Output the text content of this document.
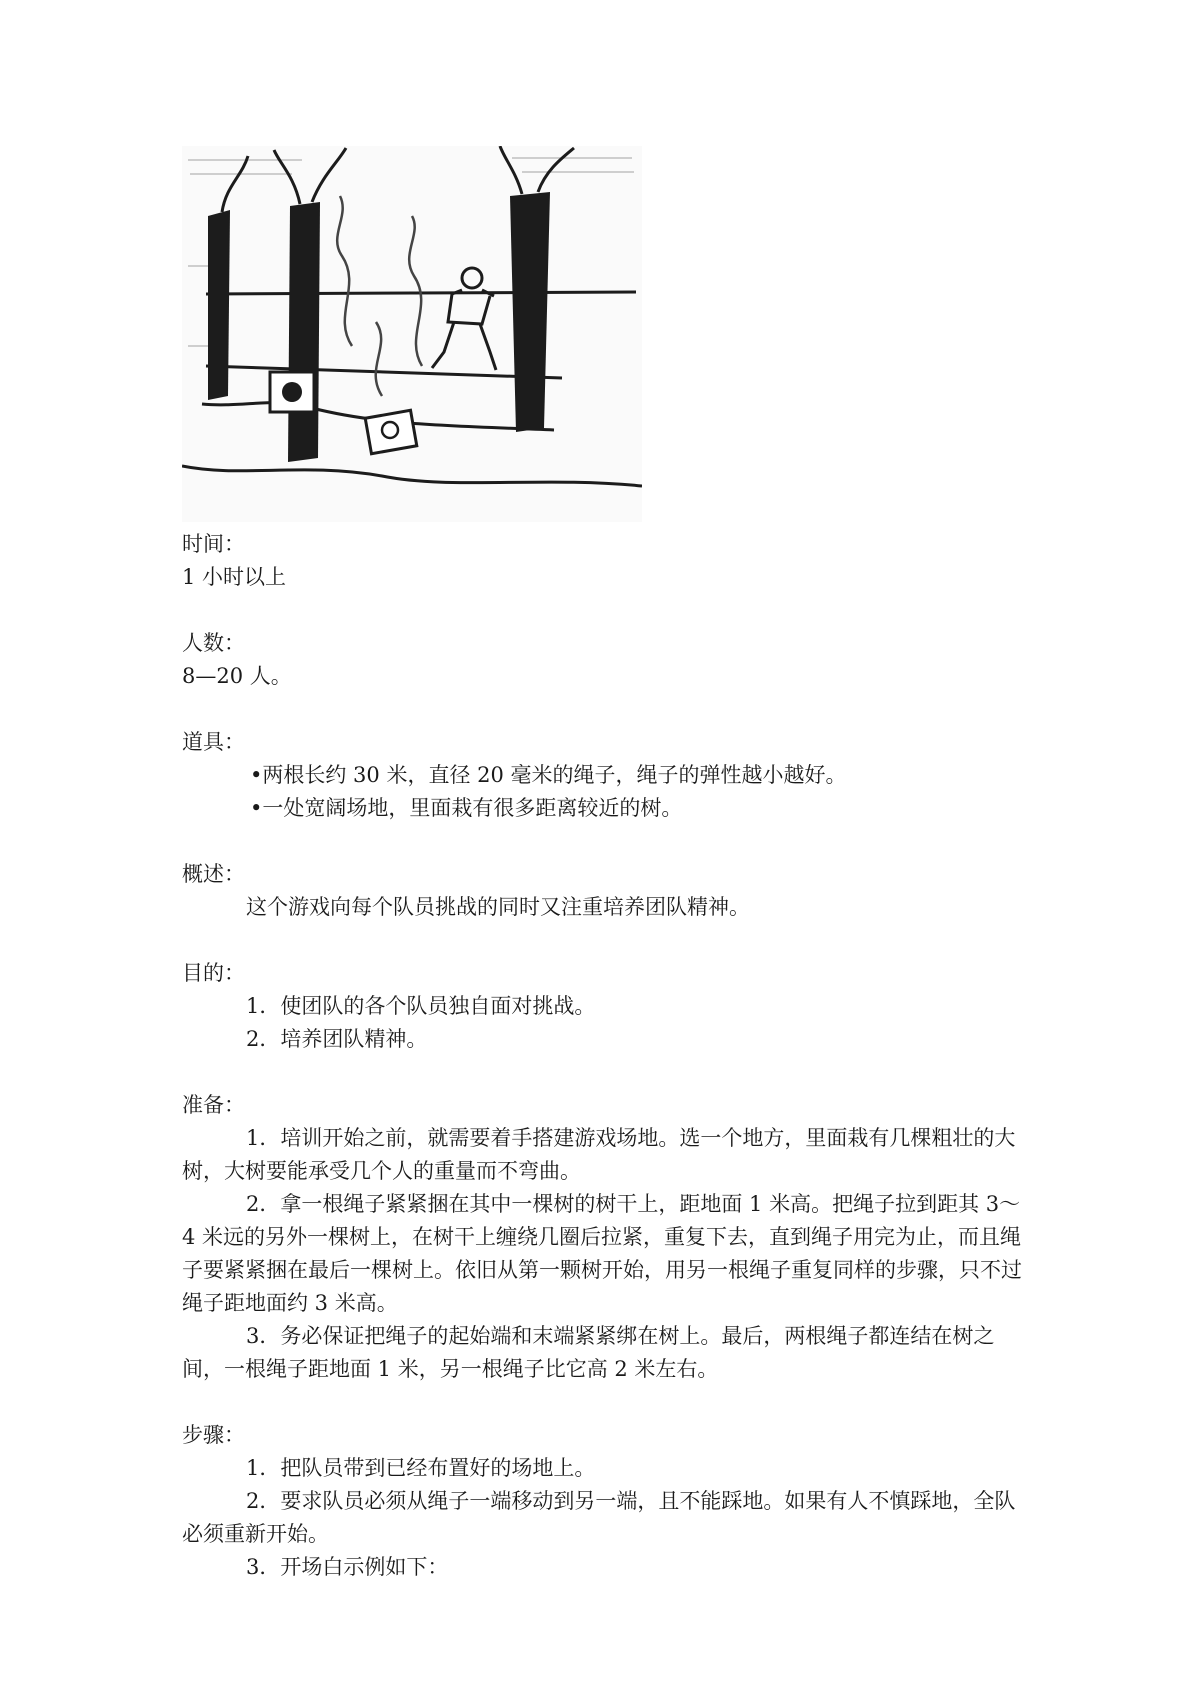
时间：

1 小时以上

人数：

8—20 人。

道具：

•两根长约 30 米，直径 20 毫米的绳子，绳子的弹性越小越好。

•一处宽阔场地，里面栽有很多距离较近的树。

概述：

这个游戏向每个队员挑战的同时又注重培养团队精神。

目的：

1．使团队的各个队员独自面对挑战。

2．培养团队精神。

准备：

1．培训开始之前，就需要着手搭建游戏场地。选一个地方，里面栽有几棵粗壮的大树，大树要能承受几个人的重量而不弯曲。

2．拿一根绳子紧紧捆在其中一棵树的树干上，距地面 1 米高。把绳子拉到距其 3～4 米远的另外一棵树上，在树干上缠绕几圈后拉紧，重复下去，直到绳子用完为止，而且绳子要紧紧捆在最后一棵树上。依旧从第一颗树开始，用另一根绳子重复同样的步骤，只不过绳子距地面约 3 米高。

3．务必保证把绳子的起始端和末端紧紧绑在树上。最后，两根绳子都连结在树之间，一根绳子距地面 1 米，另一根绳子比它高 2 米左右。

步骤：

1．把队员带到已经布置好的场地上。

2．要求队员必须从绳子一端移动到另一端，且不能踩地。如果有人不慎踩地，全队必须重新开始。

3．开场白示例如下：
